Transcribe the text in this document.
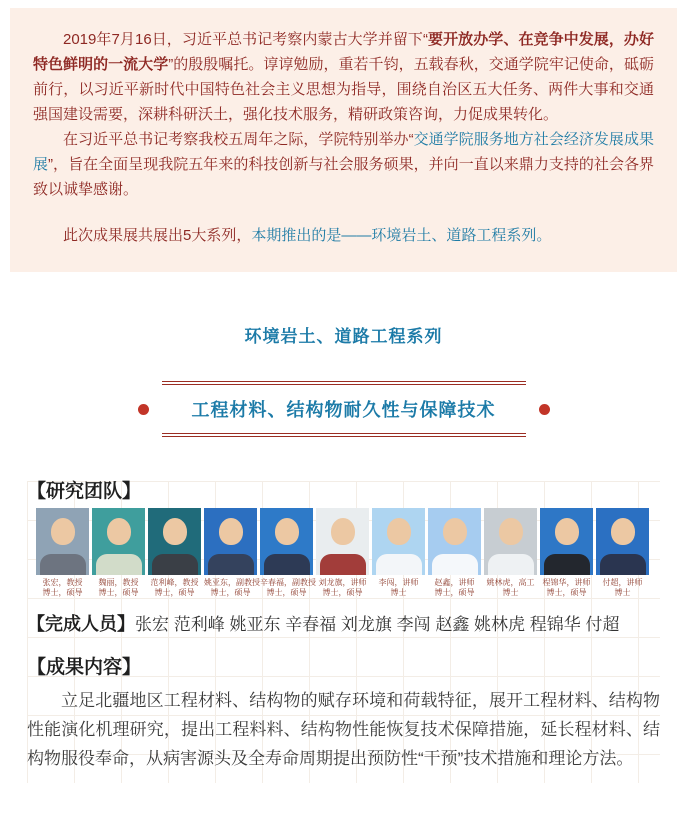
2019年7月16日，习近平总书记考察内蒙古大学并留下“要开放办学、在竞争中发展，办好特色鲜明的一流大学”的殷殷嘱托。谆谆勉励，重若千钧，五载春秋，交通学院牢记使命，砥砺前行，以习近平新时代中国特色社会主义思想为指导，围绕自治区五大任务、两件大事和交通强国建设需要，深耕科研沃土，强化技术服务，精研政策咨询，力促成果转化。

在习近平总书记考察我校五周年之际，学院特别举办“交通学院服务地方社会经济发展成果展”，旨在全面呈现我院五年来的科技创新与社会服务硕果，并向一直以来鼎力支持的社会各界致以诚挚感谢。

此次成果展共展出5大系列，本期推出的是——环境岩土、道路工程系列。

环境岩土、道路工程系列
工程材料、结构物耐久性与保障技术
【研究团队】
张宏，教授
博士，硕导
魏丽，教授
博士，硕导
范利峰，教授
博士，硕导
姚亚东，副教授
博士，硕导
辛春福，副教授
博士，硕导
刘龙旗，讲师
博士，硕导
李闯，讲师
博士
赵鑫，讲师
博士，硕导
姚林虎，高工
博士
程锦华，讲师
博士，硕导
付超，讲师
博士

【完成人员】张宏 范利峰 姚亚东 辛春福 刘龙旗 李闯 赵鑫 姚林虎 程锦华 付超

【成果内容】

立足北疆地区工程材料、结构物的赋存环境和荷载特征，展开工程材料、结构物性能演化机理研究，提出工程料料、结构物性能恢复技术保障措施，延长程材料、结构物服役奉命，从病害源头及全寿命周期提出预防性“干预”技术措施和理论方法。
